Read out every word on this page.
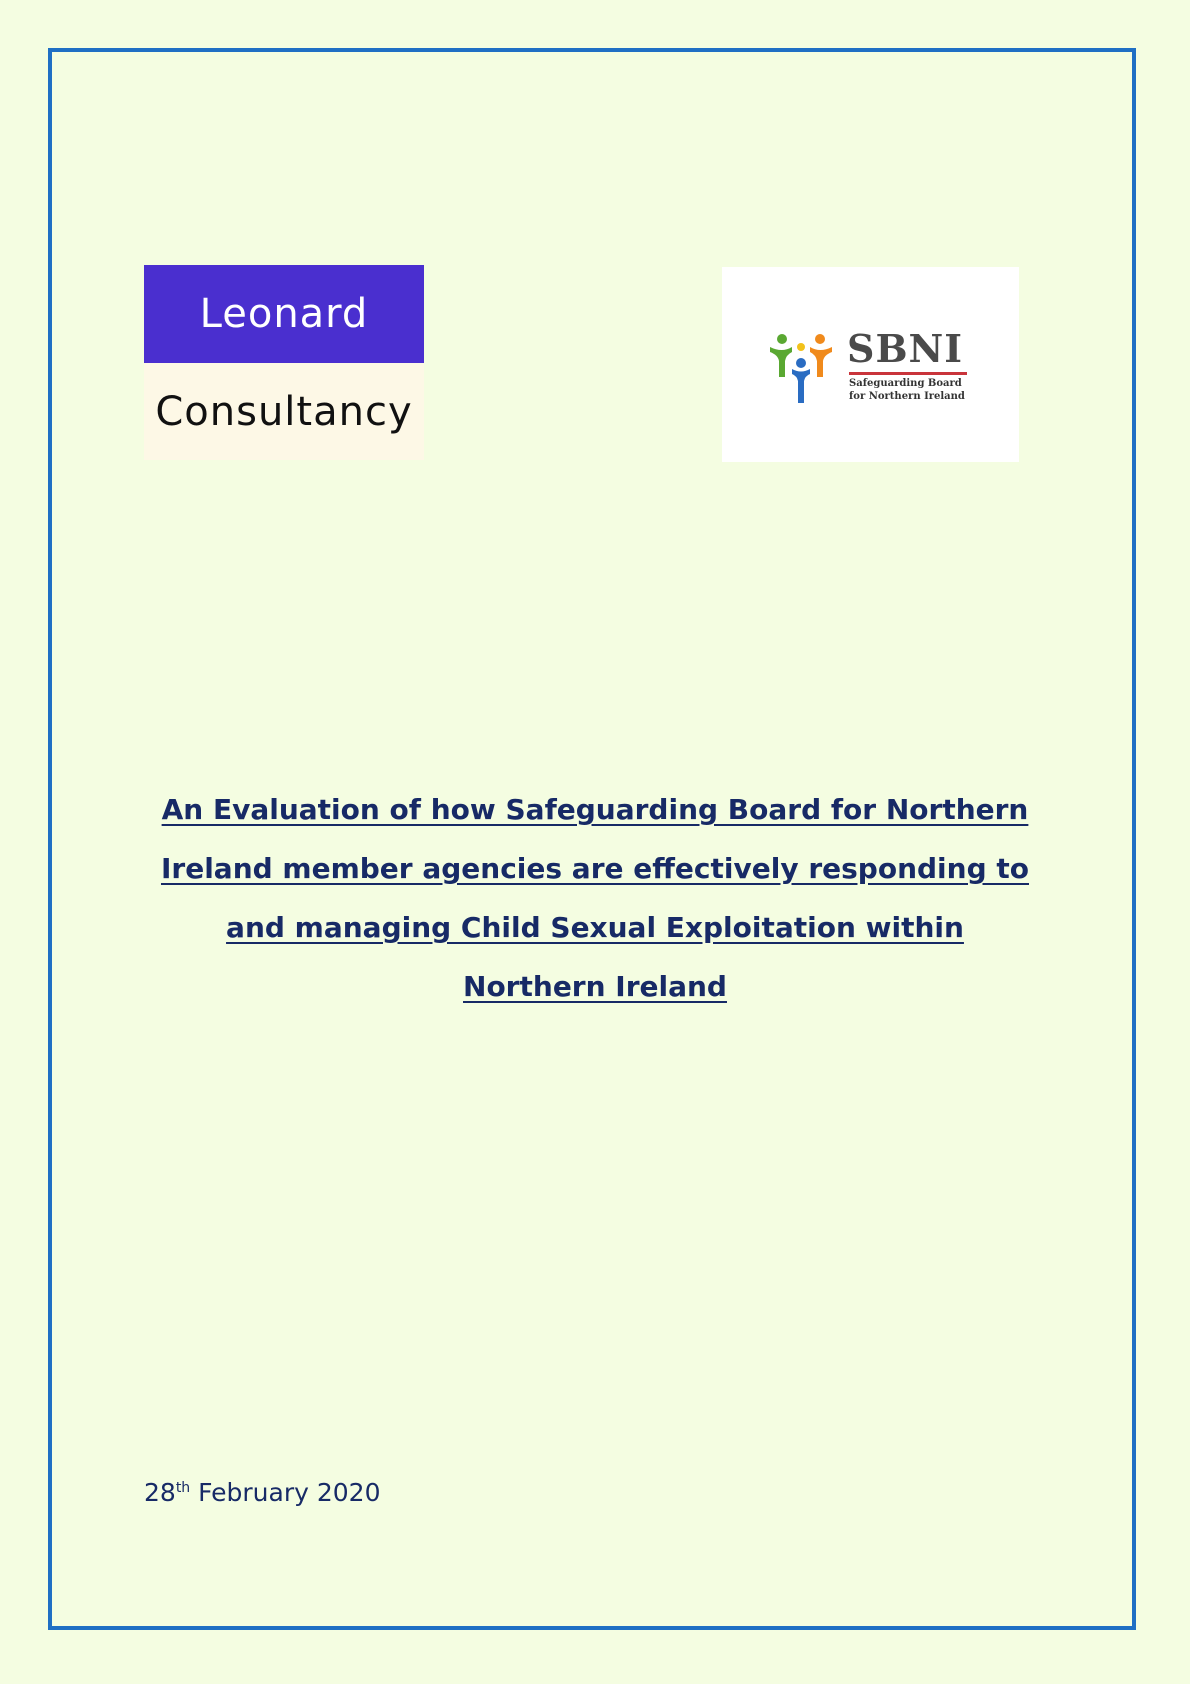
Leonard
Consultancy
SBNI
Safeguarding Board
for Northern Ireland
An Evaluation of how Safeguarding Board for Northern Ireland member agencies are effectively responding to and managing Child Sexual Exploitation within Northern Ireland
28th February 2020
